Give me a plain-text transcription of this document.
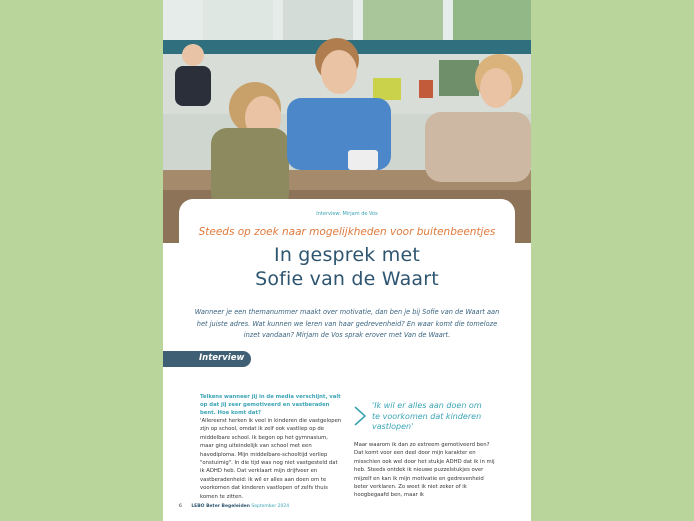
Interview: Mirjam de Vos
Steeds op zoek naar mogelijkheden voor buitenbeentjes
In gesprek met
Sofie van de Waart
Wanneer je een themanummer maakt over motivatie, dan ben je bij Sofie van de Waart aan het juiste adres. Wat kunnen we leren van haar gedrevenheid? En waar komt die tomeloze inzet vandaan? Mirjam de Vos sprak erover met Van de Waart.
Interview

Telkens wanneer jij in de media verschijnt, valt op dat jij zeer gemotiveerd en vastberaden bent. Hoe komt dat?

'Allereerst herken ik veel in kinderen die vastgelopen zijn op school, omdat ik zelf ook vastliep op de middelbare school. Ik begon op het gymnasium, maar ging uiteindelijk van school met een havodiploma. Mijn middelbare-schooltijd verliep "onstuimig". In die tijd was nog niet vastgesteld dat ik ADHD heb. Dat verklaart mijn drijfveer en vastberadenheid: ik wil er alles aan doen om te voorkomen dat kinderen vastlopen of zelfs thuis komen te zitten.

'Ik wil er alles aan doen om te voorkomen dat kinderen vastlopen'

Maar waarom ik dan zo extreem gemotiveerd ben? Dat komt voor een deel door mijn karakter en misschien ook wel door het stukje ADHD dat ik in mij heb. Steeds ontdek ik nieuwe puzzelstukjes over mijzelf en kan ik mijn motivatie en gedrevenheid beter verklaren. Zo weet ik niet zeker of ik hoogbegaafd ben, maar ik

6 LEBO Beter Begeleiden September 2024
